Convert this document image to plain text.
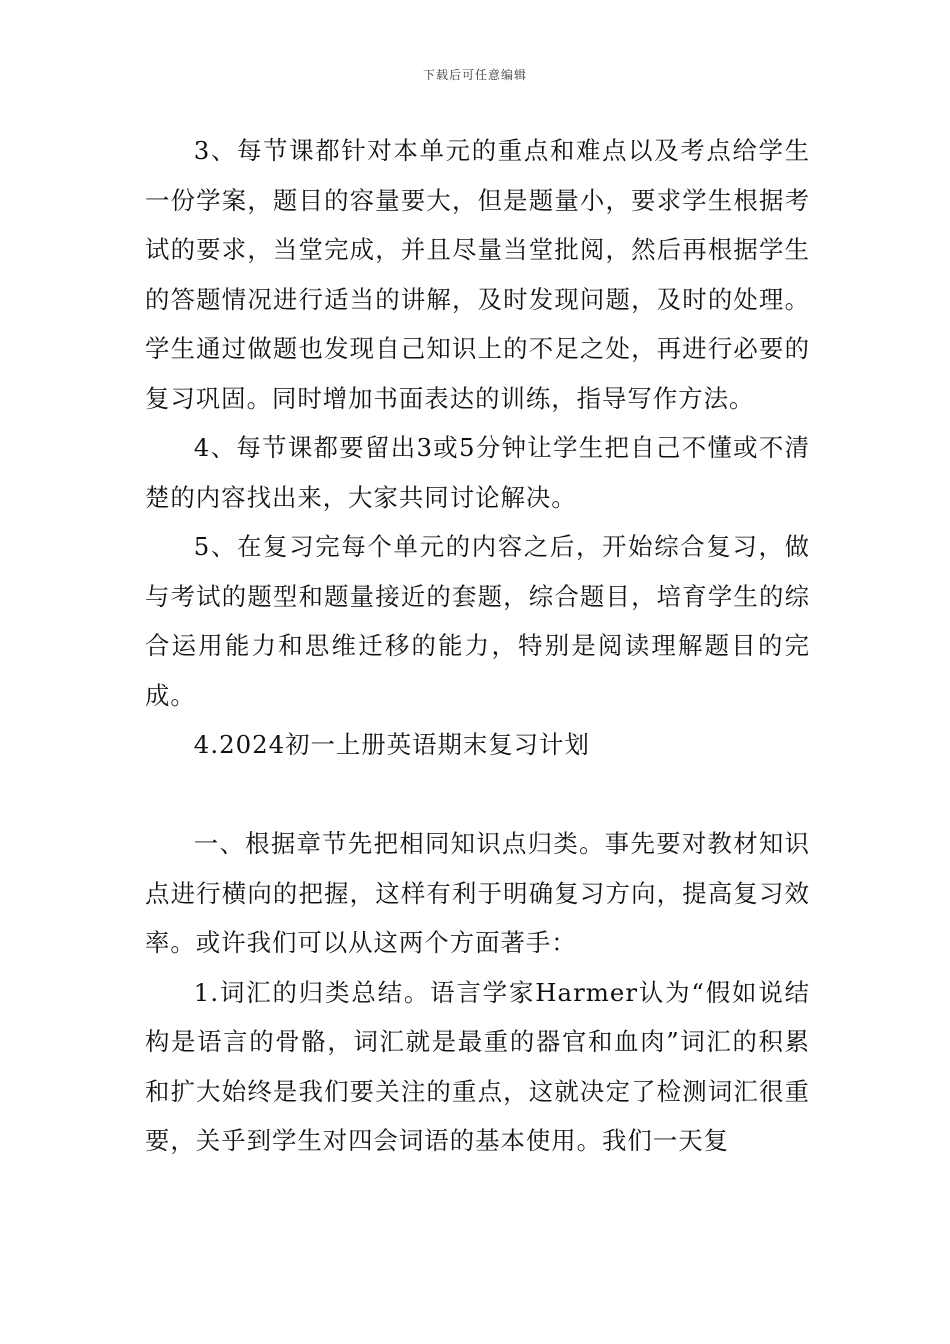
下载后可任意编辑

3、每节课都针对本单元的重点和难点以及考点给学生一份学案，题目的容量要大，但是题量小，要求学生根据考试的要求，当堂完成，并且尽量当堂批阅，然后再根据学生的答题情况进行适当的讲解，及时发现问题，及时的处理。学生通过做题也发现自己知识上的不足之处，再进行必要的复习巩固。同时增加书面表达的训练，指导写作方法。

4、每节课都要留出3或5分钟让学生把自己不懂或不清楚的内容找出来，大家共同讨论解决。

5、在复习完每个单元的内容之后，开始综合复习，做与考试的题型和题量接近的套题，综合题目，培育学生的综合运用能力和思维迁移的能力，特别是阅读理解题目的完成。

4.2024初一上册英语期末复习计划

一、根据章节先把相同知识点归类。事先要对教材知识点进行横向的把握，这样有利于明确复习方向，提高复习效率。或许我们可以从这两个方面著手：

1.词汇的归类总结。语言学家Harmer认为“假如说结构是语言的骨骼，词汇就是最重的器官和血肉”词汇的积累和扩大始终是我们要关注的重点，这就决定了检测词汇很重要，关乎到学生对四会词语的基本使用。我们一天复
